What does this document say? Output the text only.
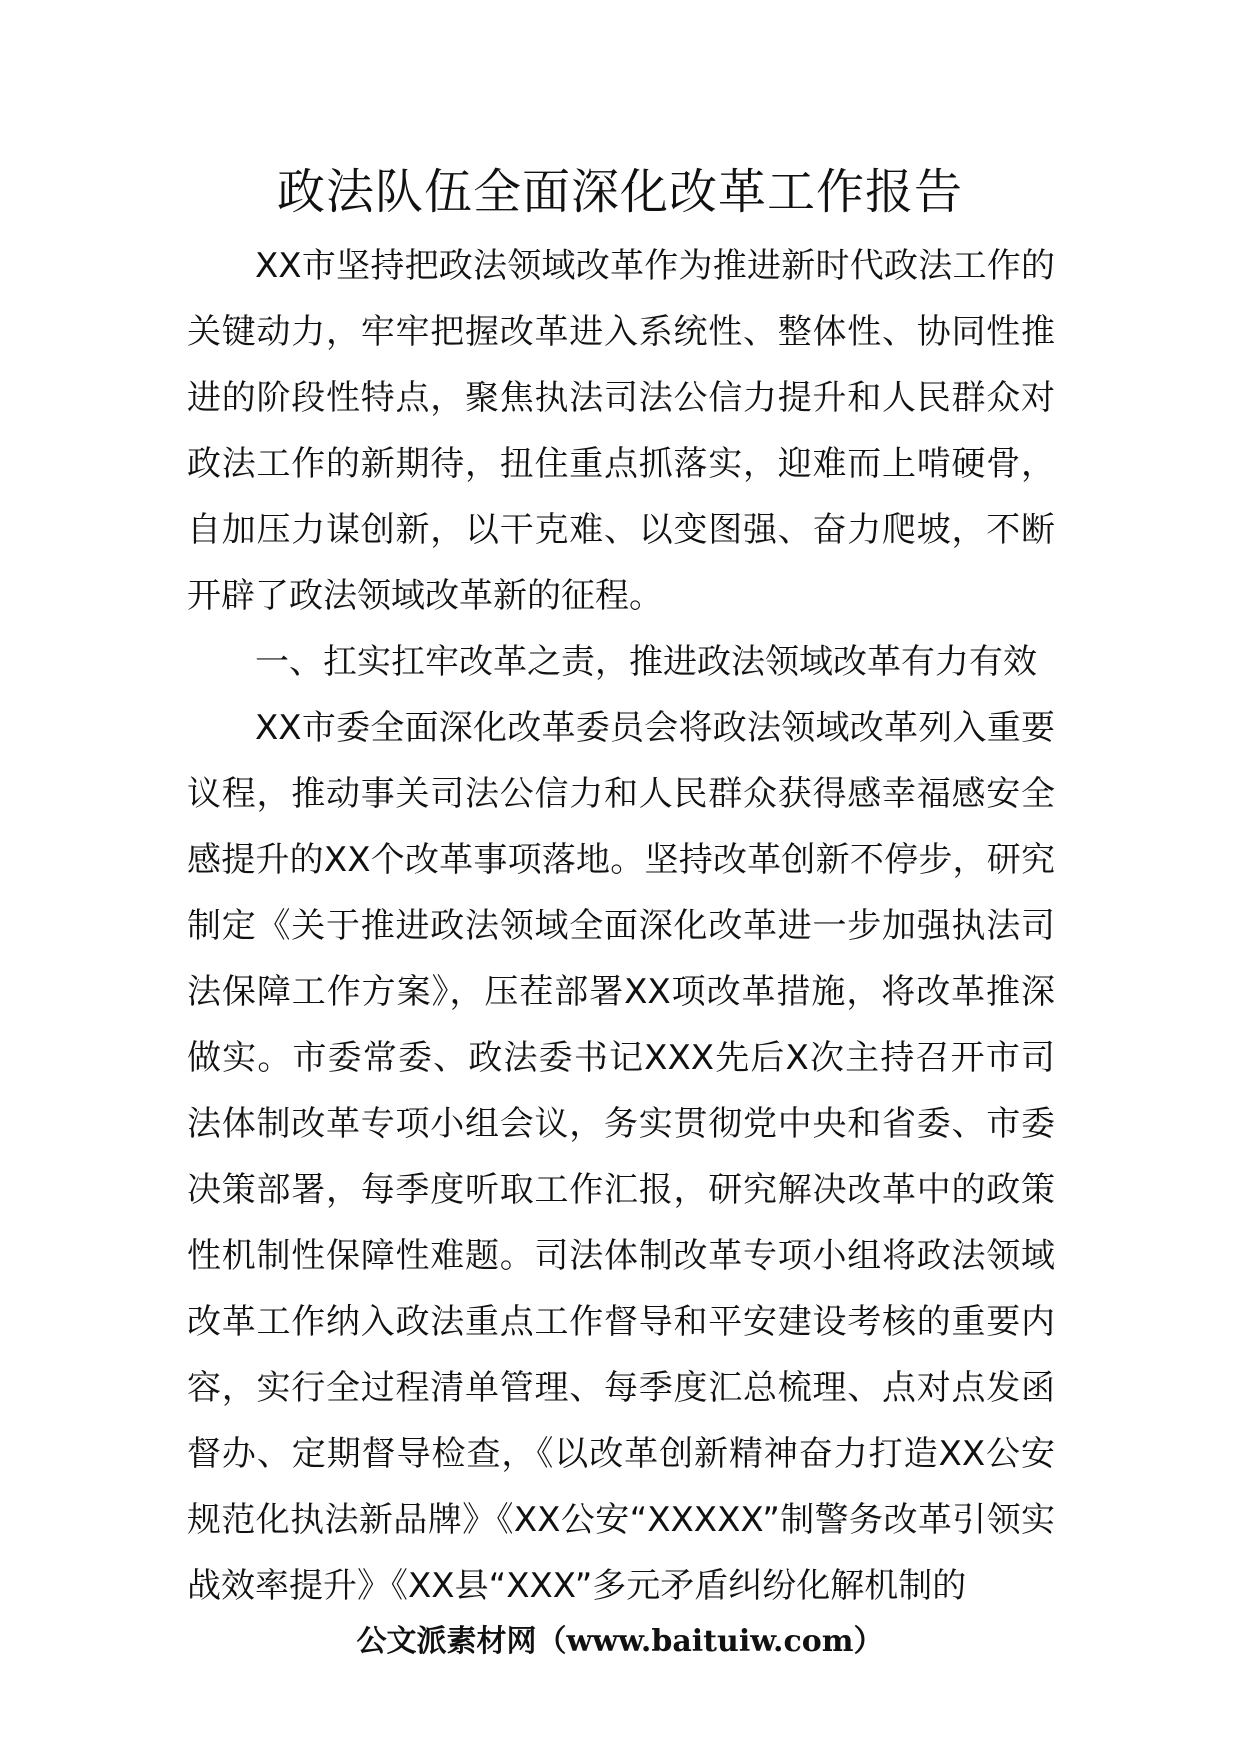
政法队伍全面深化改革工作报告

XX市坚持把政法领域改革作为推进新时代政法工作的关键动力，牢牢把握改革进入系统性、整体性、协同性推进的阶段性特点，聚焦执法司法公信力提升和人民群众对政法工作的新期待，扭住重点抓落实，迎难而上啃硬骨，自加压力谋创新，以干克难、以变图强、奋力爬坡，不断开辟了政法领域改革新的征程。

一、扛实扛牢改革之责，推进政法领域改革有力有效

XX市委全面深化改革委员会将政法领域改革列入重要议程，推动事关司法公信力和人民群众获得感幸福感安全感提升的XX个改革事项落地。坚持改革创新不停步，研究制定《关于推进政法领域全面深化改革进一步加强执法司法保障工作方案》，压茬部署XX项改革措施，将改革推深做实。市委常委、政法委书记XXX先后X次主持召开市司法体制改革专项小组会议，务实贯彻党中央和省委、市委决策部署，每季度听取工作汇报，研究解决改革中的政策性机制性保障性难题。司法体制改革专项小组将政法领域改革工作纳入政法重点工作督导和平安建设考核的重要内容，实行全过程清单管理、每季度汇总梳理、点对点发函督办、定期督导检查，《以改革创新精神奋力打造XX公安规范化执法新品牌》《XX公安“XXXXX”制警务改革引领实战效率提升》《XX县“XXX”多元矛盾纠纷化解机制的

公文派素材网（www.baituiw.com）
